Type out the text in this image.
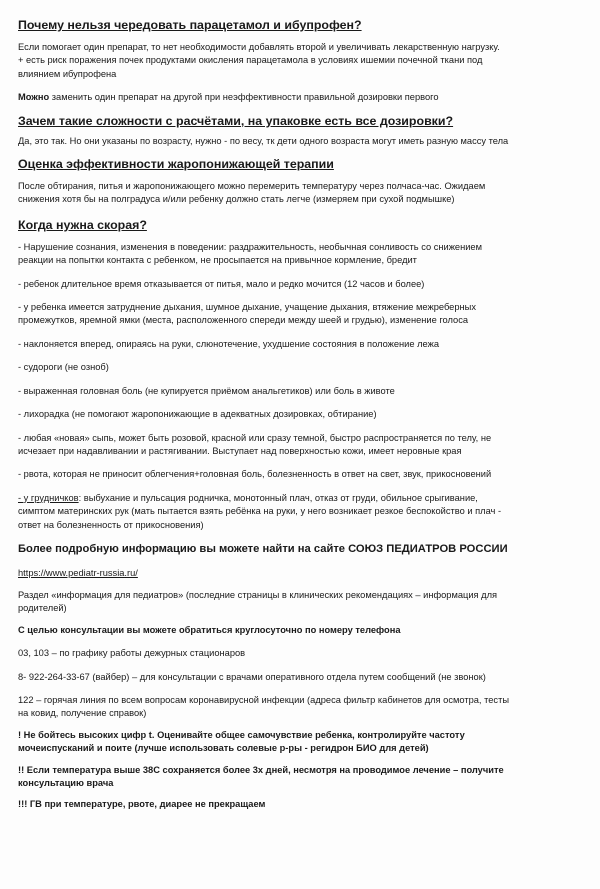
Почему нельзя чередовать парацетамол и ибупрофен?
Если помогает один препарат, то нет необходимости добавлять второй и увеличивать лекарственную нагрузку.
+ есть риск поражения почек продуктами окисления парацетамола в условиях ишемии почечной ткани под
влиянием ибупрофена
Можно заменить один препарат на другой при неэффективности правильной дозировки первого
Зачем такие сложности с расчётами, на упаковке есть все дозировки?
Да, это так. Но они указаны по возрасту, нужно - по весу, тк дети одного возраста могут иметь разную массу тела
Оценка эффективности жаропонижающей терапии
После обтирания, питья и жаропонижающего можно перемерить температуру через полчаса-час. Ожидаем
снижения хотя бы на полградуса и/или ребенку должно стать легче (измеряем при сухой подмышке)
Когда нужна скорая?
- Нарушение сознания, изменения в поведении: раздражительность, необычная сонливость со снижением
реакции на попытки контакта с ребенком, не просыпается на привычное кормление, бредит
- ребенок длительное время отказывается от питья, мало и редко мочится (12 часов и более)
- у ребенка имеется затруднение дыхания, шумное дыхание, учащение дыхания, втяжение межреберных
промежутков, яремной ямки (места, расположенного спереди между шеей и грудью), изменение голоса
- наклоняется вперед, опираясь на руки, слюнотечение, ухудшение состояния в положение лежа
- судороги (не озноб)
- выраженная головная боль (не купируется приёмом анальгетиков) или боль в животе
- лихорадка (не помогают жаропонижающие в адекватных дозировках, обтирание)
- любая «новая» сыпь, может быть розовой, красной или сразу темной, быстро распространяется по телу, не
исчезает при надавливании и растягивании. Выступает над поверхностью кожи, имеет неровные края
- рвота, которая не приносит облегчения+головная боль, болезненность в ответ на свет, звук, прикосновений
- у грудничков: выбухание и пульсация родничка, монотонный плач, отказ от груди, обильное срыгивание,
симптом материнских рук (мать пытается взять ребёнка на руки, у него возникает резкое беспокойство и плач -
ответ на болезненность от прикосновения)
Более подробную информацию вы можете найти на сайте СОЮЗ ПЕДИАТРОВ РОССИИ
https://www.pediatr-russia.ru/
Раздел «информация для педиатров» (последние страницы в клинических рекомендациях – информация для
родителей)
С целью консультации вы можете обратиться круглосуточно по номеру телефона
03, 103 – по графику работы дежурных стационаров
8- 922-264-33-67 (вайбер) – для консультации с врачами оперативного отдела путем сообщений (не звонок)
122 – горячая линия по всем вопросам коронавирусной инфекции (адреса фильтр кабинетов для осмотра, тесты
на ковид, получение справок)
! Не бойтесь высоких цифр t. Оценивайте общее самочувствие ребенка, контролируйте частоту
мочеиспусканий и поите (лучше использовать солевые р-ры - регидрон БИО для детей)
!! Если температура выше 38С сохраняется более 3х дней, несмотря на проводимое лечение – получите
консультацию врача
!!! ГВ при температуре, рвоте, диарее не прекращаем
